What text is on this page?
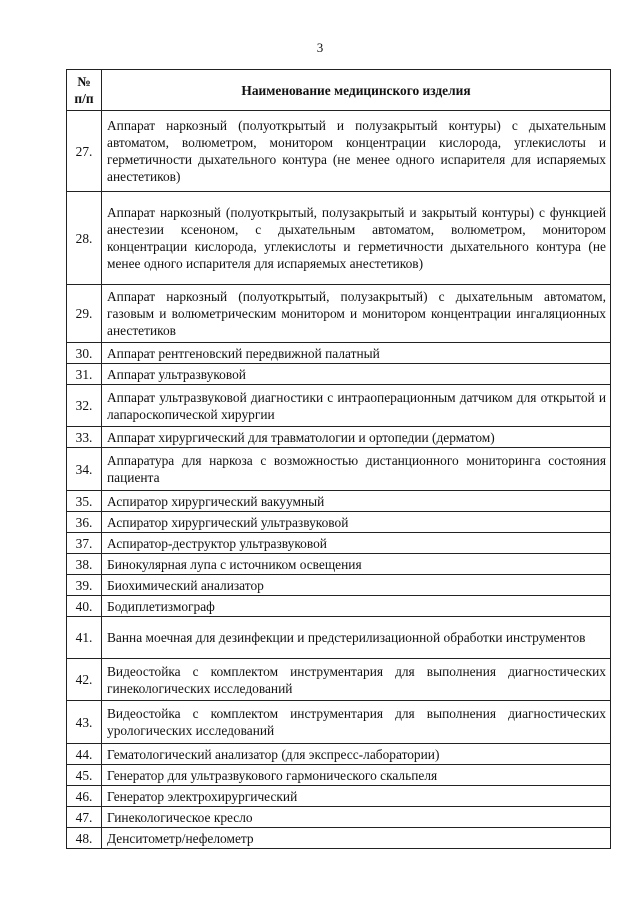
3
№
п/п	Наименование медицинского изделия
27.	Аппарат наркозный (полуоткрытый и полузакрытый контуры) с дыхательным автоматом, волюметром, монитором концентрации кислорода, углекислоты и герметичности дыхательного контура (не менее одного испарителя для испаряемых анестетиков)
28.	Аппарат наркозный (полуоткрытый, полузакрытый и закрытый контуры) с функцией анестезии ксеноном, с дыхательным автоматом, волюметром, монитором концентрации кислорода, углекислоты и герметичности дыхательного контура (не менее одного испарителя для испаряемых анестетиков)
29.	Аппарат наркозный (полуоткрытый, полузакрытый) с дыхательным автоматом, газовым и волюметрическим монитором и монитором концентрации ингаляционных анестетиков
30.	Аппарат рентгеновский передвижной палатный
31.	Аппарат ультразвуковой
32.	Аппарат ультразвуковой диагностики с интраоперационным датчиком для открытой и лапароскопической хирургии
33.	Аппарат хирургический для травматологии и ортопедии (дерматом)
34.	Аппаратура для наркоза с возможностью дистанционного мониторинга состояния пациента
35.	Аспиратор хирургический вакуумный
36.	Аспиратор хирургический ультразвуковой
37.	Аспиратор-деструктор ультразвуковой
38.	Бинокулярная лупа с источником освещения
39.	Биохимический анализатор
40.	Бодиплетизмограф
41.	Ванна моечная для дезинфекции и предстерилизационной обработки инструментов
42.	Видеостойка с комплектом инструментария для выполнения диагностических гинекологических исследований
43.	Видеостойка с комплектом инструментария для выполнения диагностических урологических исследований
44.	Гематологический анализатор (для экспресс-лаборатории)
45.	Генератор для ультразвукового гармонического скальпеля
46.	Генератор электрохирургический
47.	Гинекологическое кресло
48.	Денситометр/нефелометр
